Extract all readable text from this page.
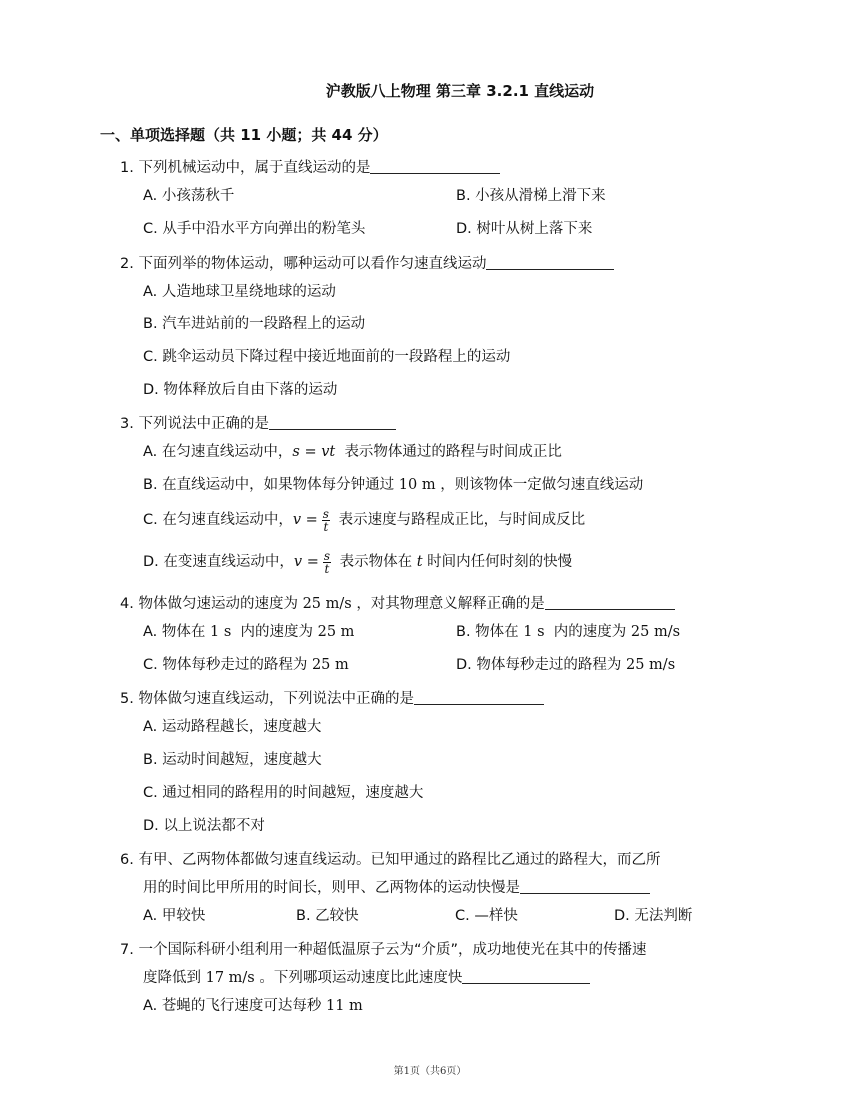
沪教版八上物理 第三章 3.2.1 直线运动
一、单项选择题（共 11 小题；共 44 分）
1. 下列机械运动中，属于直线运动的是
A. 小孩荡秋千	B. 小孩从滑梯上滑下来
C. 从手中沿水平方向弹出的粉笔头	D. 树叶从树上落下来
2. 下面列举的物体运动，哪种运动可以看作匀速直线运动
A. 人造地球卫星绕地球的运动
B. 汽车进站前的一段路程上的运动
C. 跳伞运动员下降过程中接近地面前的一段路程上的运动
D. 物体释放后自由下落的运动
3. 下列说法中正确的是
A. 在匀速直线运动中，s = vt 表示物体通过的路程与时间成正比
B. 在直线运动中，如果物体每分钟通过 10 m ，则该物体一定做匀速直线运动
C. 在匀速直线运动中，$v = \frac{s}{t}$ 表示速度与路程成正比，与时间成反比
D. 在变速直线运动中，$v = \frac{s}{t}$ 表示物体在 t 时间内任何时刻的快慢
4. 物体做匀速运动的速度为 25 m/s ，对其物理意义解释正确的是
A. 物体在 1 s 内的速度为 25 m	B. 物体在 1 s 内的速度为 25 m/s
C. 物体每秒走过的路程为 25 m	D. 物体每秒走过的路程为 25 m/s
5. 物体做匀速直线运动，下列说法中正确的是
A. 运动路程越长，速度越大
B. 运动时间越短，速度越大
C. 通过相同的路程用的时间越短，速度越大
D. 以上说法都不对
6. 有甲、乙两物体都做匀速直线运动。已知甲通过的路程比乙通过的路程大，而乙所
用的时间比甲所用的时间长，则甲、乙两物体的运动快慢是
A. 甲较快	B. 乙较快	C. —样快	D. 无法判断
7. 一个国际科研小组利用一种超低温原子云为“介质”，成功地使光在其中的传播速
度降低到 17 m/s 。下列哪项运动速度比此速度快
A. 苍蝇的飞行速度可达每秒 11 m
第1页（共6页）
